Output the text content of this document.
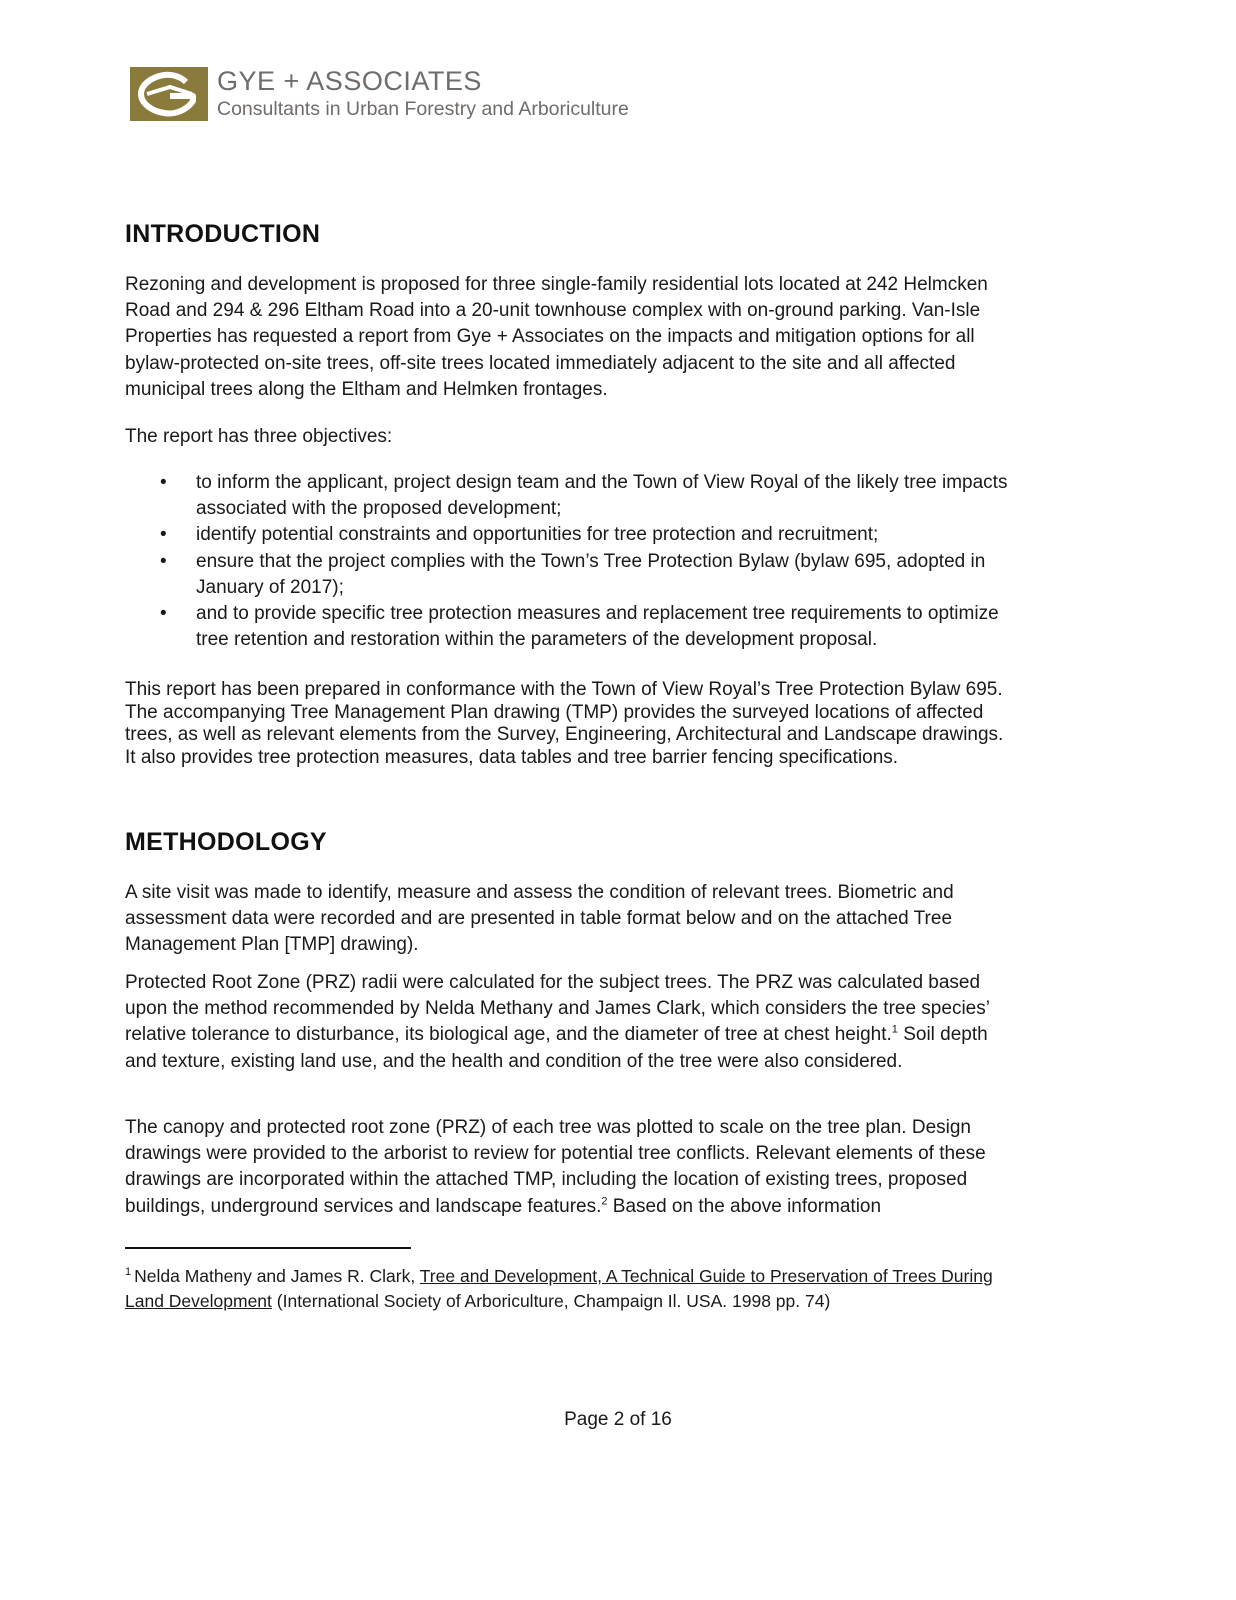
GYE + ASSOCIATES
Consultants in Urban Forestry and Arboriculture
INTRODUCTION

Rezoning and development is proposed for three single-family residential lots located at 242 Helmcken Road and 294 & 296 Eltham Road into a 20-unit townhouse complex with on-ground parking. Van-Isle Properties has requested a report from Gye + Associates on the impacts and mitigation options for all bylaw-protected on-site trees, off-site trees located immediately adjacent to the site and all affected municipal trees along the Eltham and Helmken frontages.

The report has three objectives:

• to inform the applicant, project design team and the Town of View Royal of the likely tree impacts associated with the proposed development;
• identify potential constraints and opportunities for tree protection and recruitment;
• ensure that the project complies with the Town’s Tree Protection Bylaw (bylaw 695, adopted in January of 2017);
• and to provide specific tree protection measures and replacement tree requirements to optimize tree retention and restoration within the parameters of the development proposal.

This report has been prepared in conformance with the Town of View Royal’s Tree Protection Bylaw 695. The accompanying Tree Management Plan drawing (TMP) provides the surveyed locations of affected trees, as well as relevant elements from the Survey, Engineering, Architectural and Landscape drawings. It also provides tree protection measures, data tables and tree barrier fencing specifications.

METHODOLOGY

A site visit was made to identify, measure and assess the condition of relevant trees. Biometric and assessment data were recorded and are presented in table format below and on the attached Tree Management Plan [TMP] drawing).

Protected Root Zone (PRZ) radii were calculated for the subject trees. The PRZ was calculated based upon the method recommended by Nelda Methany and James Clark, which considers the tree species’ relative tolerance to disturbance, its biological age, and the diameter of tree at chest height.$^1$ Soil depth and texture, existing land use, and the health and condition of the tree were also considered.

The canopy and protected root zone (PRZ) of each tree was plotted to scale on the tree plan. Design drawings were provided to the arborist to review for potential tree conflicts. Relevant elements of these drawings are incorporated within the attached TMP, including the location of existing trees, proposed buildings, underground services and landscape features.$^2$ Based on the above information

$^1$ Nelda Matheny and James R. Clark, Tree and Development, A Technical Guide to Preservation of Trees During Land Development (International Society of Arboriculture, Champaign Il. USA. 1998 pp. 74)
Page 2 of 16
